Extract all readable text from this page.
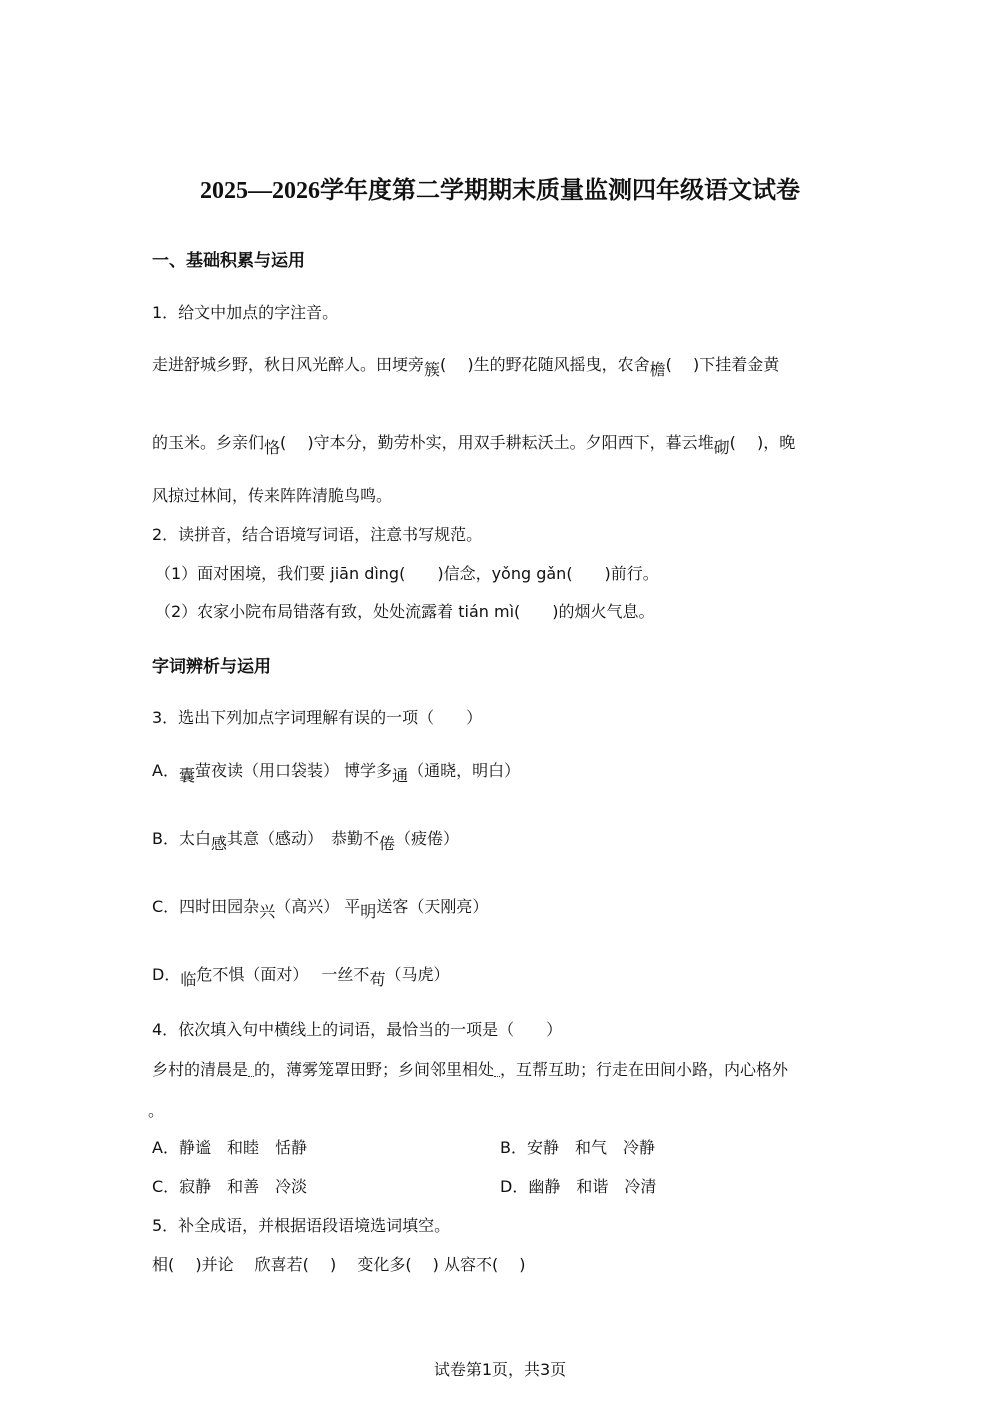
2025—2026学年度第二学期期末质量监测四年级语文试卷
一、基础积累与运用
1．给文中加点的字注音。
走进舒城乡野，秋日风光醉人。田埂旁簇(　 )生的野花随风摇曳，农舍檐(　 )下挂着金黄
的玉米。乡亲们恪(　 )守本分，勤劳朴实，用双手耕耘沃土。夕阳西下，暮云堆砌(　 )，晚
风掠过林间，传来阵阵清脆鸟鸣。
2．读拼音，结合语境写词语，注意书写规范。
（1）面对困境，我们要 jiān dìng(　　)信念，yǒng gǎn(　　)前行。
（2）农家小院布局错落有致，处处流露着 tián mì(　　)的烟火气息。
字词辨析与运用
3．选出下列加点字词理解有误的一项（　　）
A．囊萤夜读（用口袋装） 博学多通（通晓，明白）
B．太白感其意（感动）　恭勤不倦（疲倦）
C．四时田园杂兴（高兴） 平明送客（天刚亮）
D．临危不惧（面对）　 一丝不苟（马虎）
4．依次填入句中横线上的词语，最恰当的一项是（　　）
乡村的清晨是 的，薄雾笼罩田野；乡间邻里相处 ，互帮互助；行走在田间小路，内心格外
。
A．静谧　和睦　恬静	B．安静　和气　冷静
C．寂静　和善　冷淡	D．幽静　和谐　冷清
5．补全成语，并根据语段语境选词填空。
相(　 )并论　 欣喜若(　 )　 变化多(　 ) 从容不(　 )
试卷第1页，共3页
